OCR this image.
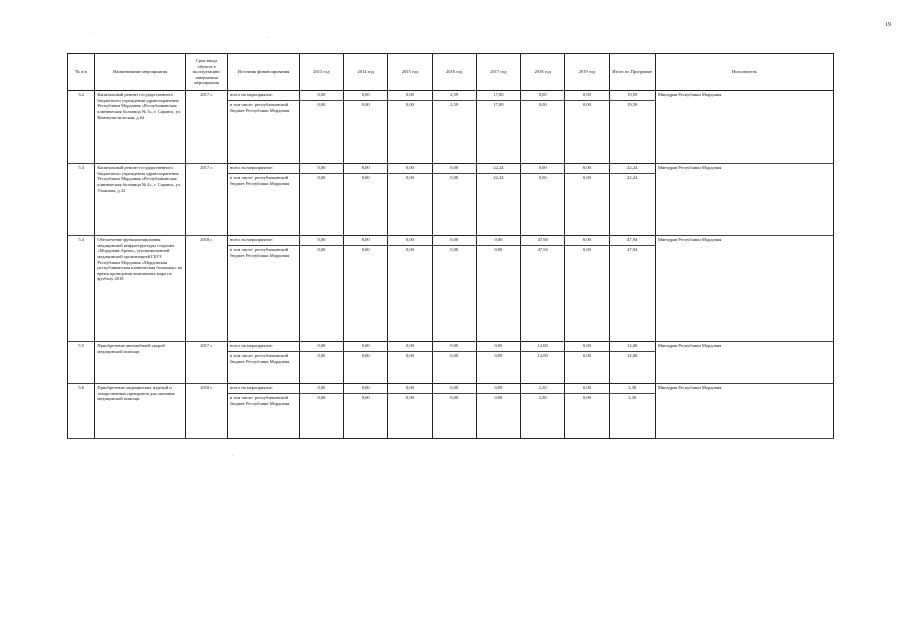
19
№ п/п	Наименование мероприятия	Срок ввода объекта в эксплуатацию/ завершения мероприятия	Источник финансирования	2013 год	2014 год	2015 год	2016 год	2017 год	2018 год	2019 год	Итого по Программе	Исполнитель
3.2	Капитальный ремонт государственного бюджетного учреждения здравоохранения Республики Мордовия «Республиканская клиническая больница № 3», г. Саранск, ул. Коммунистическая, д.64	2017 г.	всего на мероприятие:	0,00	0,00	0,00	2,59	17,00	0,00	0,00	19,59	Минздрав Республики Мордовия
			в том числе: республиканский бюджет Республики Мордовия	0,00	0,00	0,00	2,59	17,00	0,00	0,00	19,59	
5.3	Капитальный ремонт государственного бюджетного учреждения здравоохранения Республики Мордовия «Республиканская клиническая больница № 4», г. Саранск, ул. Ульянова, д.32	2017 г.	всего на мероприятие:	0,00	0,00	0,00	0,00	22,24	0,00	0,00	22,24	Минздрав Республики Мордовия
			в том числе: республиканский бюджет Республики Мордовия	0,00	0,00	0,00	0,00	22,24	0,00	0,00	22,24	
5.4	Обеспечение функционирования медицинской инфраструктуры стадиона «Мордовия-Арена», уполномоченной медицинской организацией ГБУЗ Республики Мордовия «Мордовская республиканская клиническая больница» во время проведения чемпионата мира по футболу 2018	2018 г.	всего на мероприятие:	0,00	0,00	0,00	0,00	0,00	47,94	0,00	47,94	Минздрав Республики Мордовия
			в том числе: республиканский бюджет Республики Мордовия	0,00	0,00	0,00	0,00	0,00	47,94	0,00	47,94	
5.5	Приобретение автомобилей скорой медицинской помощи	2017 г.	всего на мероприятие:	0,00	0,00	0,00	0,00	0,00	12,00	0,00	12,00	Минздрав Республики Мордовия
			в том числе: республиканский бюджет Республики Мордовия	0,00	0,00	0,00	0,00	0,00	12,00	0,00	12,00	
5.6	Приобретение медицинских изделий и лекарственных препаратов для оказания медицинской помощи	2018 г.	всего на мероприятие:	0,00	0,00	0,00	0,00	0,00	2,30	0,00	2,30	Минздрав Республики Мордовия
			в том числе: республиканский бюджет Республики Мордовия	0,00	0,00	0,00	0,00	0,00	2,30	0,00	2,30	
·
·
·
